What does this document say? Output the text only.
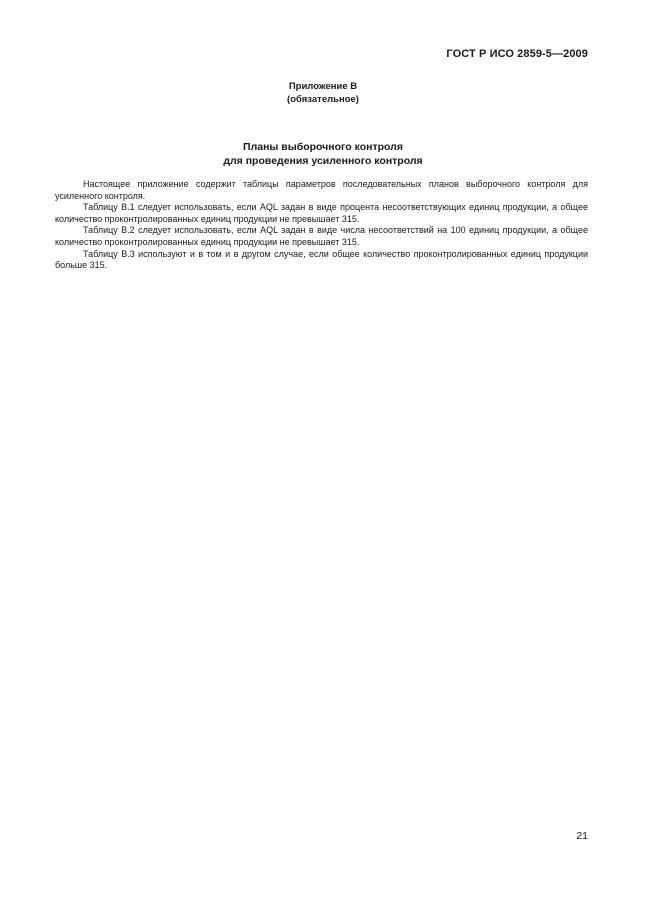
ГОСТ Р ИСО 2859-5—2009
Приложение В
(обязательное)
Планы выборочного контроля
для проведения усиленного контроля

Настоящее приложение содержит таблицы параметров последовательных планов выборочного контроля для усиленного контроля.

Таблицу В.1 следует использовать, если AQL задан в виде процента несоответствующих единиц продукции, а общее количество проконтролированных единиц продукции не превышает 315.

Таблицу В.2 следует использовать, если AQL задан в виде числа несоответствий на 100 единиц продукции, а общее количество проконтролированных единиц продукции не превышает 315.

Таблицу В.3 используют и в том и в другом случае, если общее количество проконтролированных единиц продукции больше 315.

21
